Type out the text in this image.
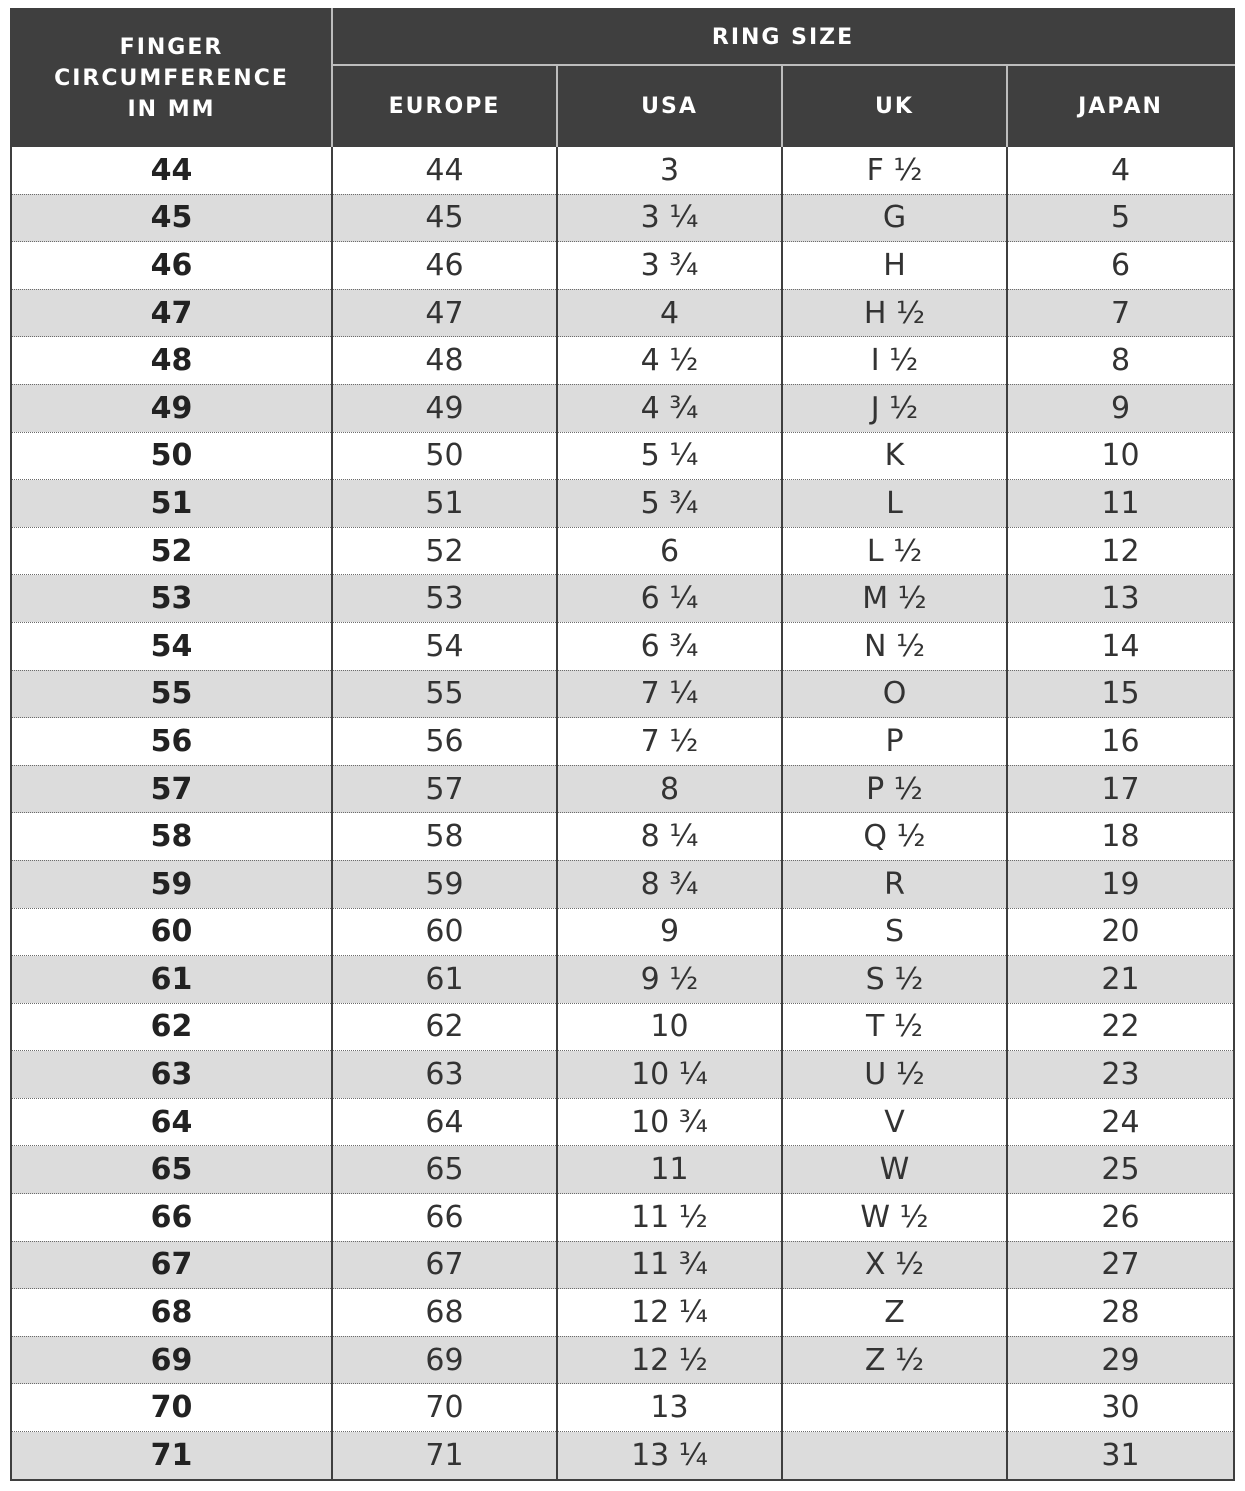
FINGER
CIRCUMFERENCE
IN MM	RING SIZE			
	EUROPE	USA	UK	JAPAN
44	44	3	F ½	4
45	45	3 ¼	G	5
46	46	3 ¾	H	6
47	47	4	H ½	7
48	48	4 ½	I ½	8
49	49	4 ¾	J ½	9
50	50	5 ¼	K	10
51	51	5 ¾	L	11
52	52	6	L ½	12
53	53	6 ¼	M ½	13
54	54	6 ¾	N ½	14
55	55	7 ¼	O	15
56	56	7 ½	P	16
57	57	8	P ½	17
58	58	8 ¼	Q ½	18
59	59	8 ¾	R	19
60	60	9	S	20
61	61	9 ½	S ½	21
62	62	10	T ½	22
63	63	10 ¼	U ½	23
64	64	10 ¾	V	24
65	65	11	W	25
66	66	11 ½	W ½	26
67	67	11 ¾	X ½	27
68	68	12 ¼	Z	28
69	69	12 ½	Z ½	29
70	70	13		30
71	71	13 ¼		31
